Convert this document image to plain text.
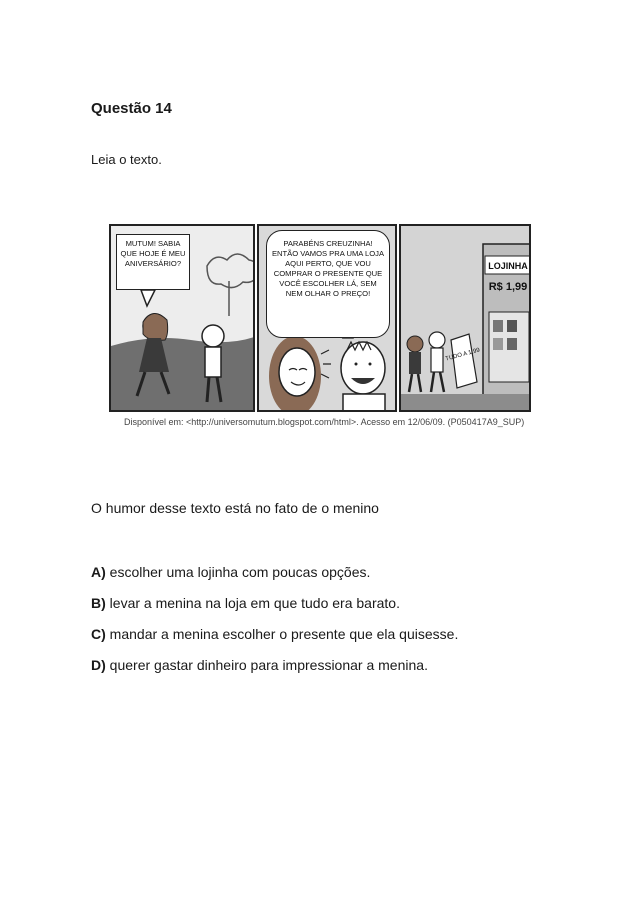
Questão 14
Leia o texto.
MUTUM! SABIA QUE HOJE É MEU ANIVERSÁRIO?
PARABÉNS CREUZINHA! ENTÃO VAMOS PRA UMA LOJA AQUI PERTO, QUE VOU COMPRAR O PRESENTE QUE VOCÊ ESCOLHER LÁ, SEM NEM OLHAR O PREÇO!
LOJINHA
R$ 1,99
TUDO A 1,99
Disponível em: <http://universomutum.blogspot.com/html>. Acesso em 12/06/09. (P050417A9_SUP)
O humor desse texto está no fato de o menino
A) escolher uma lojinha com poucas opções.
B) levar a menina na loja em que tudo era barato.
C) mandar a menina escolher o presente que ela quisesse.
D) querer gastar dinheiro para impressionar a menina.
